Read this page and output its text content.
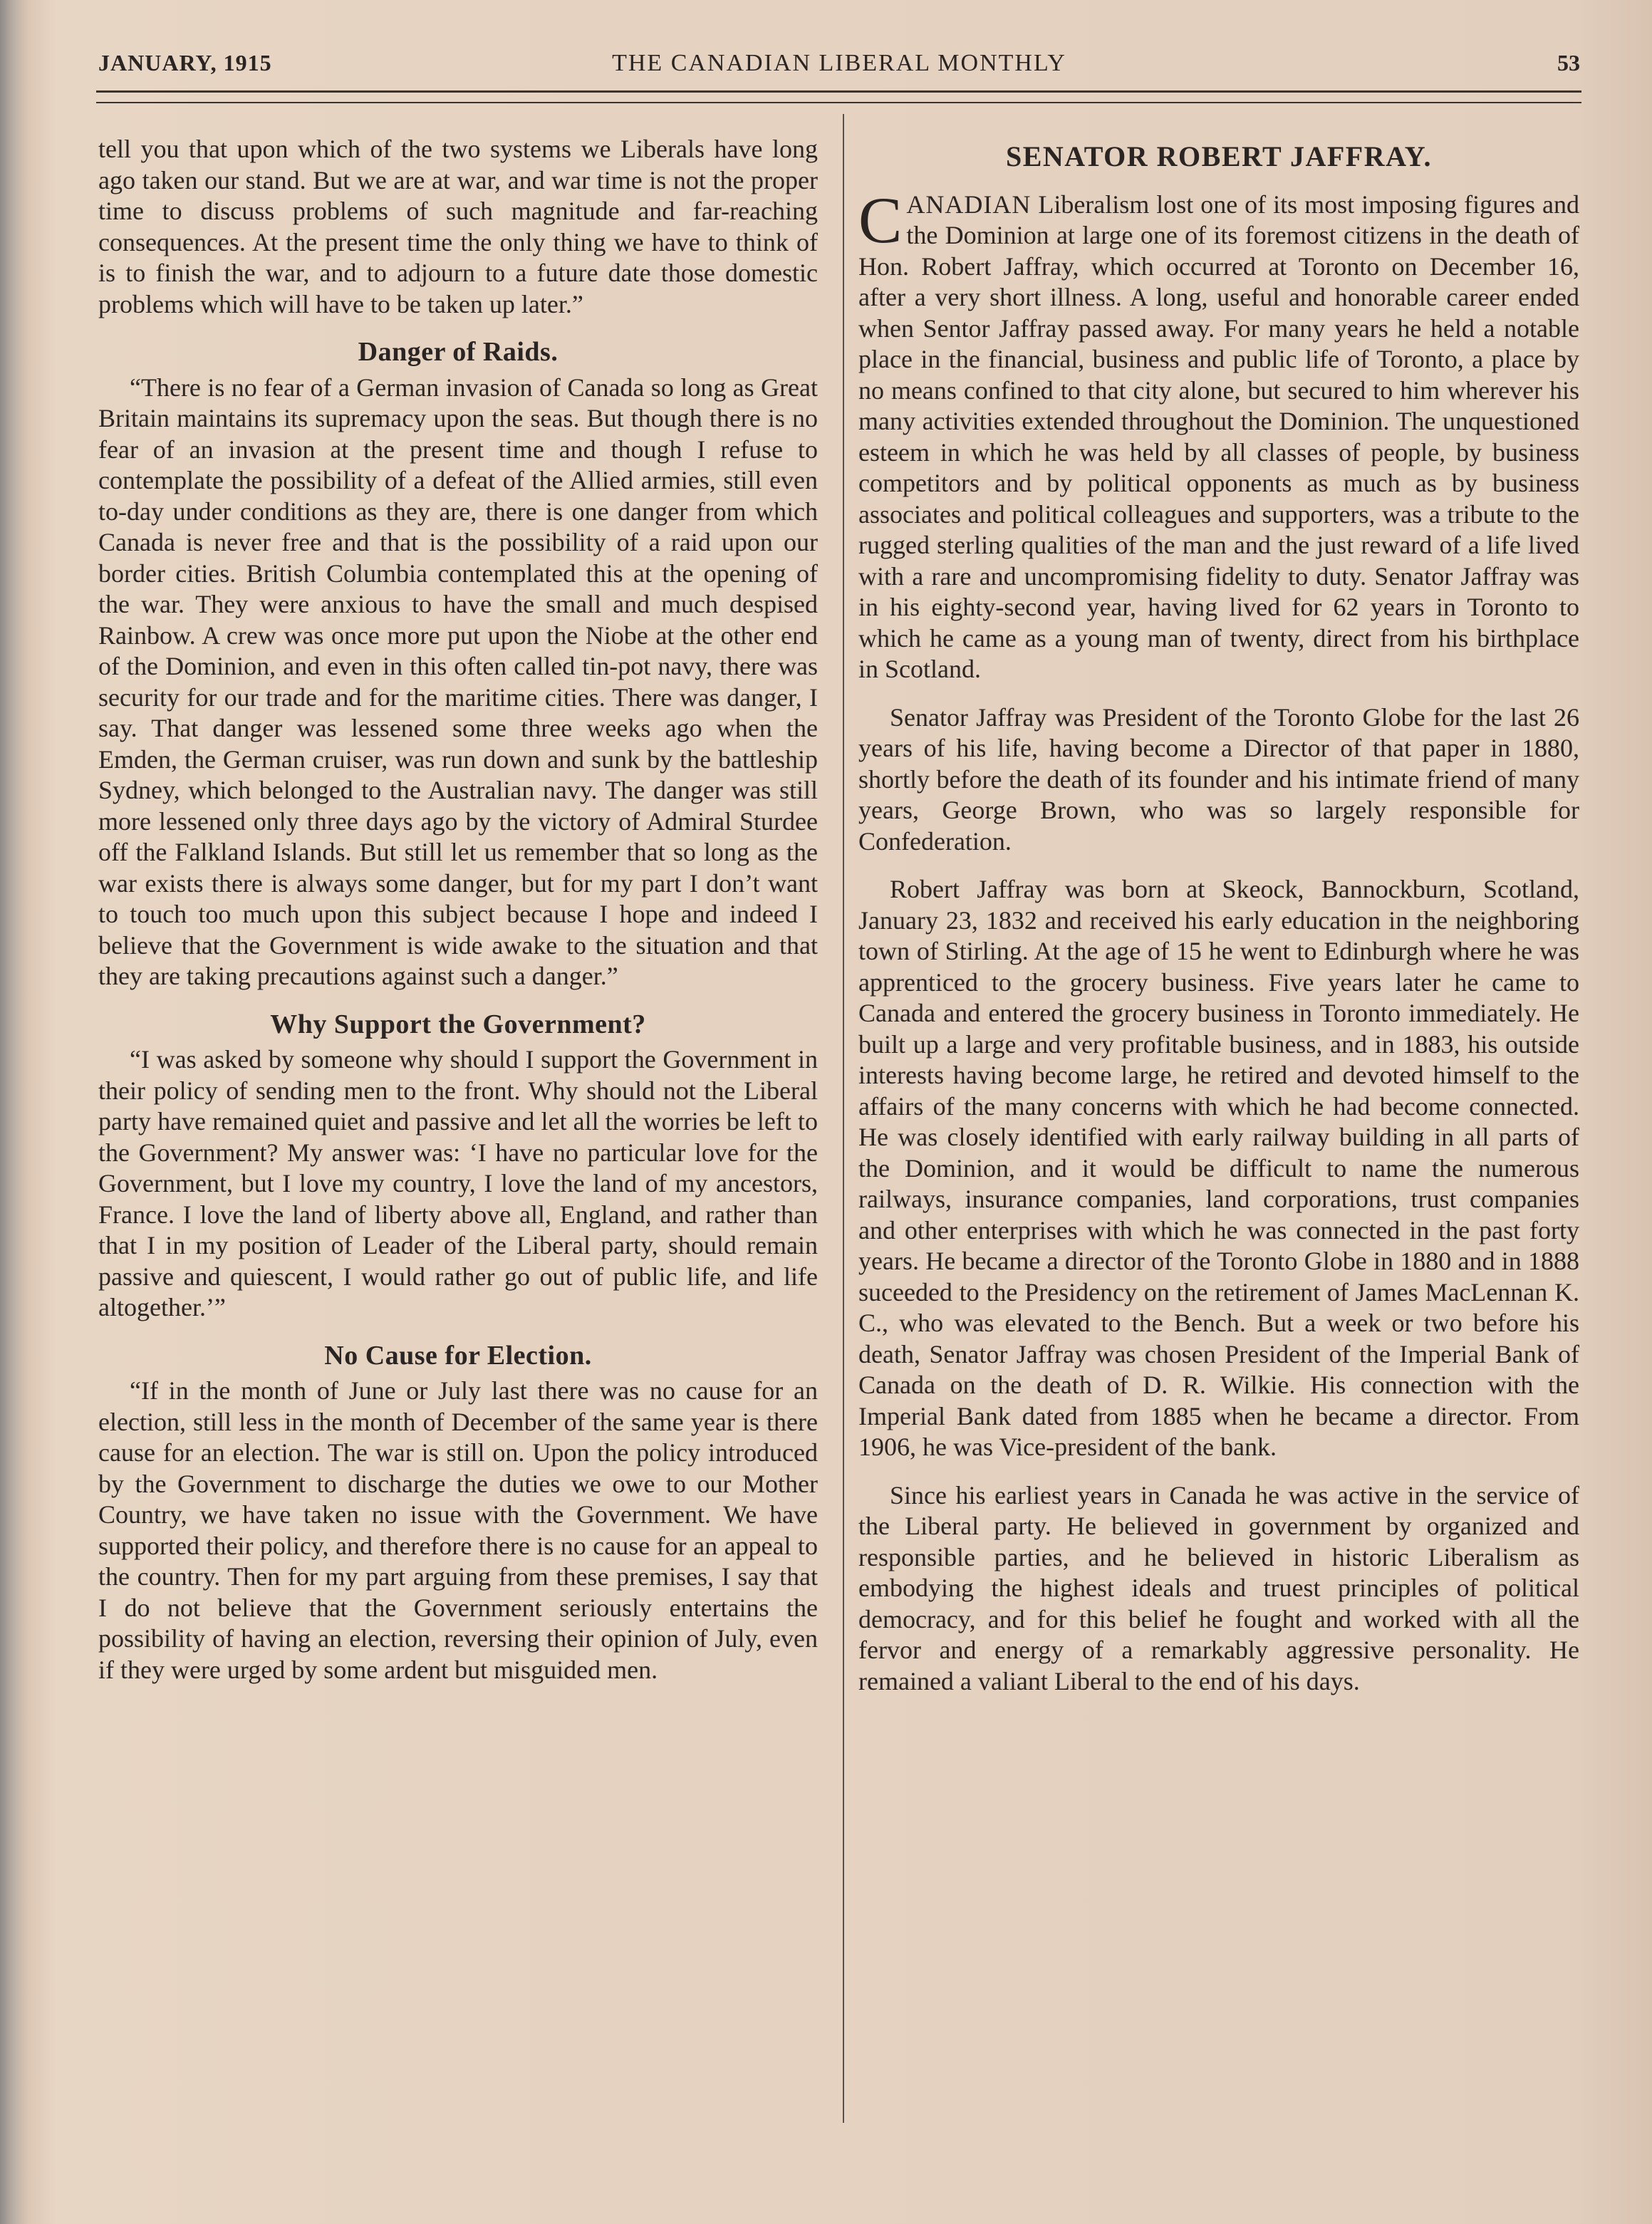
JANUARY, 1915	THE CANADIAN LIBERAL MONTHLY	53

tell you that upon which of the two systems we Liberals have long ago taken our stand. But we are at war, and war time is not the proper time to discuss problems of such magnitude and far-reaching consequences. At the present time the only thing we have to think of is to finish the war, and to adjourn to a future date those domestic problems which will have to be taken up later.”

Danger of Raids.

“There is no fear of a German invasion of Canada so long as Great Britain maintains its supremacy upon the seas. But though there is no fear of an invasion at the present time and though I refuse to contemplate the possibility of a defeat of the Allied armies, still even to-day under conditions as they are, there is one danger from which Canada is never free and that is the possibility of a raid upon our border cities. British Columbia contemplated this at the opening of the war. They were anxious to have the small and much despised Rainbow. A crew was once more put upon the Niobe at the other end of the Dominion, and even in this often called tin-pot navy, there was security for our trade and for the maritime cities. There was danger, I say. That danger was lessened some three weeks ago when the Emden, the German cruiser, was run down and sunk by the battleship Sydney, which belonged to the Australian navy. The danger was still more lessened only three days ago by the victory of Admiral Sturdee off the Falkland Islands. But still let us remember that so long as the war exists there is always some danger, but for my part I don’t want to touch too much upon this subject because I hope and indeed I believe that the Government is wide awake to the situation and that they are taking precautions against such a danger.”

Why Support the Government?

“I was asked by someone why should I support the Government in their policy of sending men to the front. Why should not the Liberal party have remained quiet and passive and let all the worries be left to the Government? My answer was: ‘I have no particular love for the Government, but I love my country, I love the land of my ancestors, France. I love the land of liberty above all, England, and rather than that I in my position of Leader of the Liberal party, should remain passive and quiescent, I would rather go out of public life, and life altogether.’”

No Cause for Election.

“If in the month of June or July last there was no cause for an election, still less in the month of December of the same year is there cause for an election. The war is still on. Upon the policy introduced by the Government to discharge the duties we owe to our Mother Country, we have taken no issue with the Government. We have supported their policy, and therefore there is no cause for an appeal to the country. Then for my part arguing from these premises, I say that I do not believe that the Government seriously entertains the possibility of having an election, reversing their opinion of July, even if they were urged by some ardent but misguided men.

SENATOR ROBERT JAFFRAY.

CANADIAN Liberalism lost one of its most imposing figures and the Dominion at large one of its foremost citizens in the death of Hon. Robert Jaffray, which occurred at Toronto on December 16, after a very short illness. A long, useful and honorable career ended when Sentor Jaffray passed away. For many years he held a notable place in the financial, business and public life of Toronto, a place by no means confined to that city alone, but secured to him wherever his many activities extended throughout the Dominion. The unquestioned esteem in which he was held by all classes of people, by business competitors and by political opponents as much as by business associates and political colleagues and supporters, was a tribute to the rugged sterling qualities of the man and the just reward of a life lived with a rare and uncompromising fidelity to duty. Senator Jaffray was in his eighty-second year, having lived for 62 years in Toronto to which he came as a young man of twenty, direct from his birthplace in Scotland.

Senator Jaffray was President of the Toronto Globe for the last 26 years of his life, having become a Director of that paper in 1880, shortly before the death of its founder and his intimate friend of many years, George Brown, who was so largely responsible for Confederation.

Robert Jaffray was born at Skeock, Bannockburn, Scotland, January 23, 1832 and received his early education in the neighboring town of Stirling. At the age of 15 he went to Edinburgh where he was apprenticed to the grocery business. Five years later he came to Canada and entered the grocery business in Toronto immediately. He built up a large and very profitable business, and in 1883, his outside interests having become large, he retired and devoted himself to the affairs of the many concerns with which he had become connected. He was closely identified with early railway building in all parts of the Dominion, and it would be difficult to name the numerous railways, insurance companies, land corporations, trust companies and other enterprises with which he was connected in the past forty years. He became a director of the Toronto Globe in 1880 and in 1888 suceeded to the Presidency on the retirement of James MacLennan K. C., who was elevated to the Bench. But a week or two before his death, Senator Jaffray was chosen President of the Imperial Bank of Canada on the death of D. R. Wilkie. His connection with the Imperial Bank dated from 1885 when he became a director. From 1906, he was Vice-president of the bank.

Since his earliest years in Canada he was active in the service of the Liberal party. He believed in government by organized and responsible parties, and he believed in historic Liberalism as embodying the highest ideals and truest principles of political democracy, and for this belief he fought and worked with all the fervor and energy of a remarkably aggressive personality. He remained a valiant Liberal to the end of his days.
